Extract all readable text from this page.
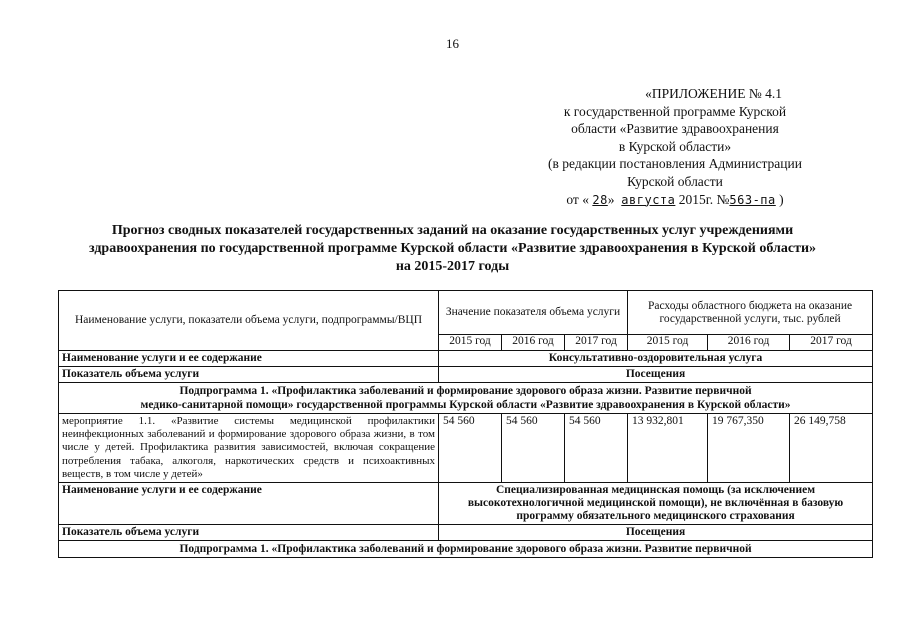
16
«ПРИЛОЖЕНИЕ № 4.1
к государственной программе Курской
области «Развитие здравоохранения
в Курской области»
(в редакции постановления Администрации
Курской области
от « 28» августа 2015г. №563-па )
Прогноз сводных показателей государственных заданий на оказание государственных услуг учреждениями
здравоохранения по государственной программе Курской области «Развитие здравоохранения в Курской области»
на 2015-2017 годы
Наименование услуги, показатели объема услуги, подпрограммы/ВЦП	Значение показателя объема услуги			Расходы областного бюджета на оказание государственной услуги, тыс. рублей		
	2015 год	2016 год	2017 год	2015 год	2016 год	2017 год
Наименование услуги и ее содержание	Консультативно-оздоровительная услуга					
Показатель объема услуги	Посещения					

Подпрограмма 1. «Профилактика заболеваний и формирование здорового образа жизни. Развитие первичной
медико-санитарной помощи» государственной программы Курской области «Развитие здравоохранения в Курской области»						

мероприятие 1.1. «Развитие системы медицинской профилактики неинфекционных заболеваний и формирование здорового образа жизни, в том числе у детей. Профилактика развития зависимостей, включая сокращение потребления табака, алкоголя, наркотических средств и психоактивных веществ, в том числе у детей»	54 560	54 560	54 560	13 932,801	19 767,350	26 149,758
Наименование услуги и ее содержание	Специализированная медицинская помощь (за исключением высокотехнологичной медицинской помощи), не включённая в базовую программу обязательного медицинского страхования					
Показатель объема услуги	Посещения					

Подпрограмма 1. «Профилактика заболеваний и формирование здорового образа жизни. Развитие первичной						
